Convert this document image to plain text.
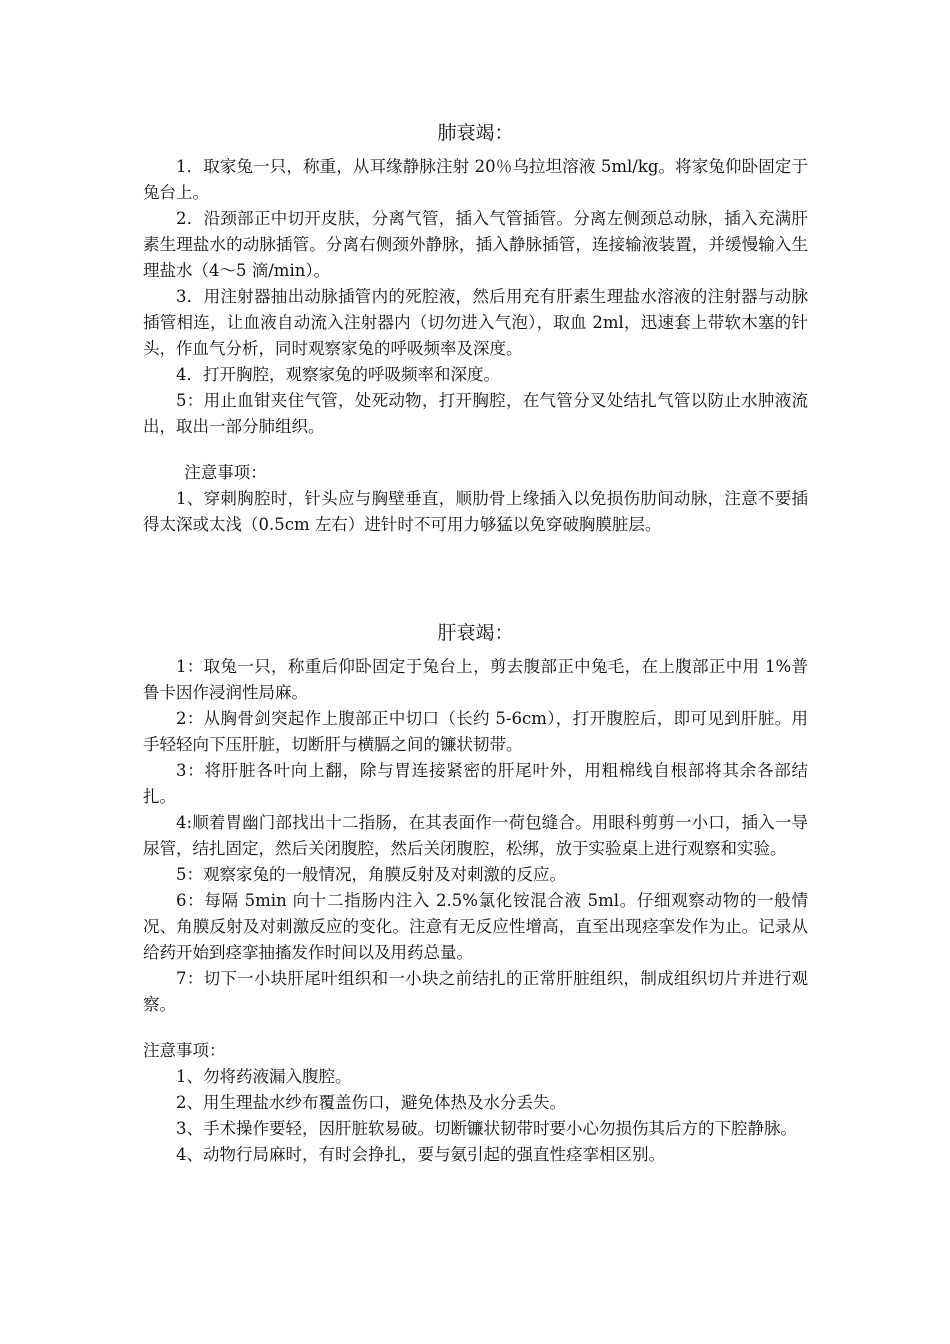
肺衰竭：

1．取家兔一只，称重，从耳缘静脉注射 20％乌拉坦溶液 5ml/kg。将家兔仰卧固定于兔台上。

2．沿颈部正中切开皮肤，分离气管，插入气管插管。分离左侧颈总动脉，插入充满肝素生理盐水的动脉插管。分离右侧颈外静脉，插入静脉插管，连接输液装置，并缓慢输入生理盐水（4～5 滴/min）。

3．用注射器抽出动脉插管内的死腔液，然后用充有肝素生理盐水溶液的注射器与动脉插管相连，让血液自动流入注射器内（切勿进入气泡），取血 2ml，迅速套上带软木塞的针头，作血气分析，同时观察家兔的呼吸频率及深度。

4．打开胸腔，观察家兔的呼吸频率和深度。

5：用止血钳夹住气管，处死动物，打开胸腔，在气管分叉处结扎气管以防止水肿液流出，取出一部分肺组织。

注意事项：

1、穿刺胸腔时，针头应与胸壁垂直，顺肋骨上缘插入以免损伤肋间动脉，注意不要插得太深或太浅（0.5cm 左右）进针时不可用力够猛以免穿破胸膜脏层。

肝衰竭：

1：取兔一只，称重后仰卧固定于兔台上，剪去腹部正中兔毛，在上腹部正中用 1%普鲁卡因作浸润性局麻。

2：从胸骨剑突起作上腹部正中切口（长约 5-6cm），打开腹腔后，即可见到肝脏。用手轻轻向下压肝脏，切断肝与横膈之间的镰状韧带。

3：将肝脏各叶向上翻，除与胃连接紧密的肝尾叶外，用粗棉线自根部将其余各部结扎。

4:顺着胃幽门部找出十二指肠，在其表面作一荷包缝合。用眼科剪剪一小口，插入一导尿管，结扎固定，然后关闭腹腔，然后关闭腹腔，松绑，放于实验桌上进行观察和实验。

5：观察家兔的一般情况，角膜反射及对刺激的反应。

6：每隔 5min 向十二指肠内注入 2.5%氯化铵混合液 5ml。仔细观察动物的一般情况、角膜反射及对刺激反应的变化。注意有无反应性增高，直至出现痉挛发作为止。记录从给药开始到痉挛抽搐发作时间以及用药总量。

7：切下一小块肝尾叶组织和一小块之前结扎的正常肝脏组织，制成组织切片并进行观察。

注意事项：

1、勿将药液漏入腹腔。

2、用生理盐水纱布覆盖伤口，避免体热及水分丢失。

3、手术操作要轻，因肝脏软易破。切断镰状韧带时要小心勿损伤其后方的下腔静脉。

4、动物行局麻时，有时会挣扎，要与氨引起的强直性痉挛相区别。
